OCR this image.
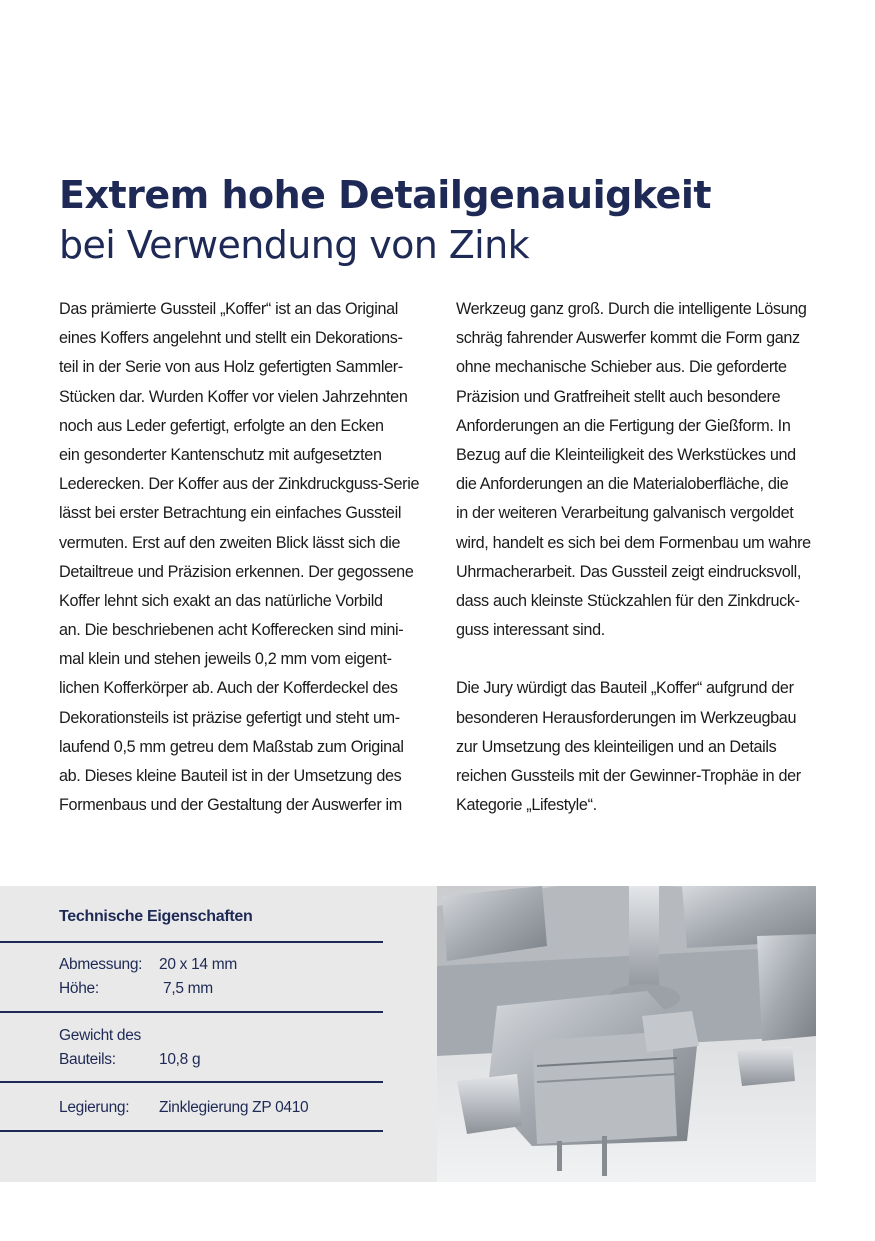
Extrem hohe Detailgenauigkeit
bei Verwendung von Zink
Das prämierte Gussteil „Koffer“ ist an das Original
eines Koffers angelehnt und stellt ein Dekorations-
teil in der Serie von aus Holz gefertigten Sammler-
Stücken dar. Wurden Koffer vor vielen Jahrzehnten
noch aus Leder gefertigt, erfolgte an den Ecken
ein gesonderter Kantenschutz mit aufgesetzten
Lederecken. Der Koffer aus der Zinkdruckguss-Serie
lässt bei erster Betrachtung ein einfaches Gussteil
vermuten. Erst auf den zweiten Blick lässt sich die
Detailtreue und Präzision erkennen. Der gegossene
Koffer lehnt sich exakt an das natürliche Vorbild
an. Die beschriebenen acht Kofferecken sind mini-
mal klein und stehen jeweils 0,2 mm vom eigent-
lichen Kofferkörper ab. Auch der Kofferdeckel des
Dekorationsteils ist präzise gefertigt und steht um-
laufend 0,5 mm getreu dem Maßstab zum Original
ab. Dieses kleine Bauteil ist in der Umsetzung des
Formenbaus und der Gestaltung der Auswerfer im
Werkzeug ganz groß. Durch die intelligente Lösung
schräg fahrender Auswerfer kommt die Form ganz
ohne mechanische Schieber aus. Die geforderte
Präzision und Gratfreiheit stellt auch besondere
Anforderungen an die Fertigung der Gießform. In
Bezug auf die Kleinteiligkeit des Werkstückes und
die Anforderungen an die Materialoberfläche, die
in der weiteren Verarbeitung galvanisch vergoldet
wird, handelt es sich bei dem Formenbau um wahre
Uhrmacherarbeit. Das Gussteil zeigt eindrucksvoll,
dass auch kleinste Stückzahlen für den Zinkdruck-
guss interessant sind.
Die Jury würdigt das Bauteil „Koffer“ aufgrund der
besonderen Herausforderungen im Werkzeugbau
zur Umsetzung des kleinteiligen und an Details
reichen Gussteils mit der Gewinner-Trophäe in der
Kategorie „Lifestyle“.
Technische Eigenschaften
Abmessung: 20 x 14 mm
Höhe:	7,5 mm
Gewicht des
Bauteils:	10,8 g
Legierung: Zinklegierung ZP 0410
